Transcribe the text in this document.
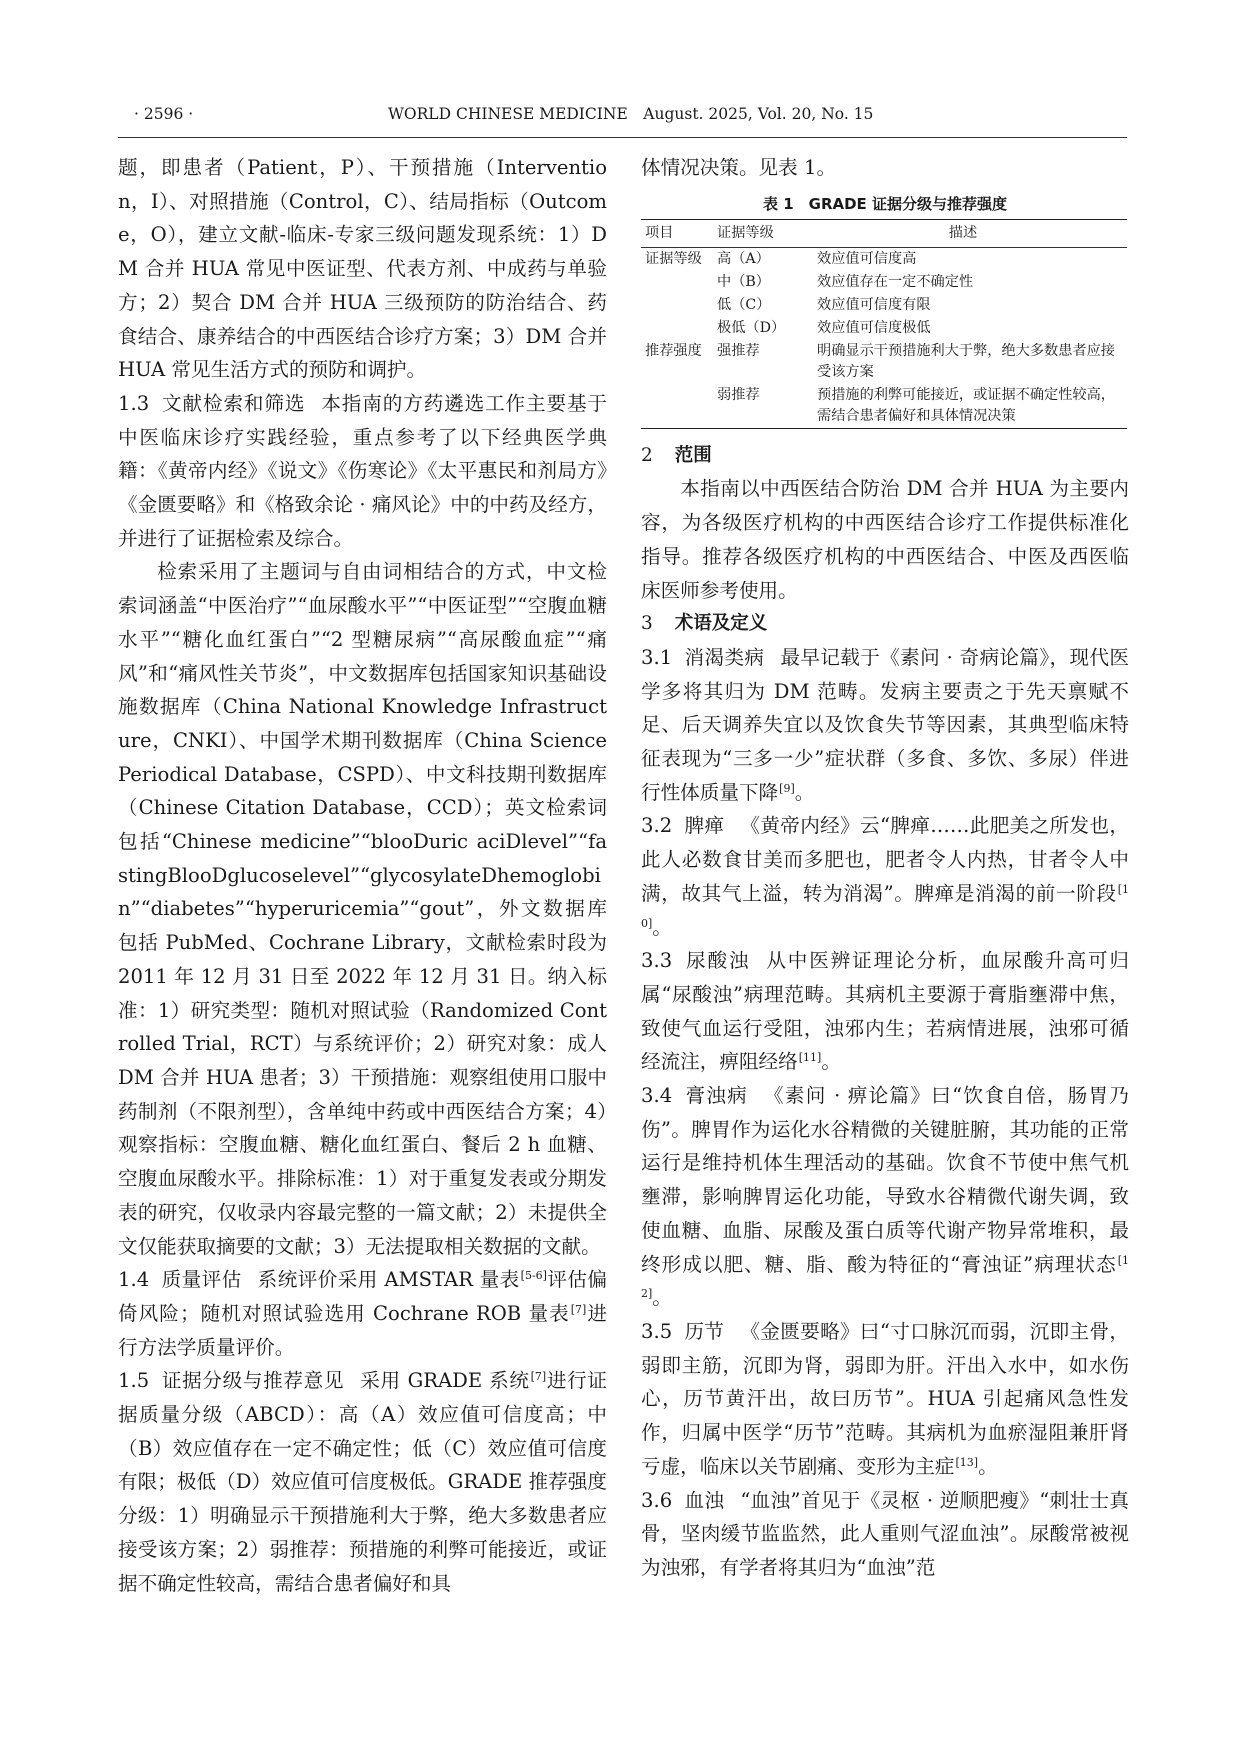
· 2596 ·	WORLD CHINESE MEDICINE　August. 2025, Vol. 20, No. 15

题，即患者（Patient，P）、干预措施（Intervention，I）、对照措施（Control，C）、结局指标（Outcome，O），建立文献-临床-专家三级问题发现系统：1）DM 合并 HUA 常见中医证型、代表方剂、中成药与单验方；2）契合 DM 合并 HUA 三级预防的防治结合、药食结合、康养结合的中西医结合诊疗方案；3）DM 合并 HUA 常见生活方式的预防和调护。

1.3 文献检索和筛选 本指南的方药遴选工作主要基于中医临床诊疗实践经验，重点参考了以下经典医学典籍：《黄帝内经》《说文》《伤寒论》《太平惠民和剂局方》《金匮要略》和《格致余论 · 痛风论》中的中药及经方，并进行了证据检索及综合。

检索采用了主题词与自由词相结合的方式，中文检索词涵盖“中医治疗”“血尿酸水平”“中医证型”“空腹血糖水平”“糖化血红蛋白”“2 型糖尿病”“高尿酸血症”“痛风”和“痛风性关节炎”，中文数据库包括国家知识基础设施数据库（China National Knowledge Infrastructure，CNKI）、中国学术期刊数据库（China Science Periodical Database，CSPD）、中文科技期刊数据库（Chinese Citation Database，CCD）；英文检索词包括“Chinese medicine”“blooDuric aciDlevel”“fastingBlooDglucoselevel”“glycosylateDhemoglobin”“diabetes”“hyperuricemia”“gout”，外文数据库包括 PubMed、Cochrane Library，文献检索时段为 2011 年 12 月 31 日至 2022 年 12 月 31 日。纳入标准：1）研究类型：随机对照试验（Randomized Controlled Trial，RCT）与系统评价；2）研究对象：成人 DM 合并 HUA 患者；3）干预措施：观察组使用口服中药制剂（不限剂型），含单纯中药或中西医结合方案；4）观察指标：空腹血糖、糖化血红蛋白、餐后 2 h 血糖、空腹血尿酸水平。排除标准：1）对于重复发表或分期发表的研究，仅收录内容最完整的一篇文献；2）未提供全文仅能获取摘要的文献；3）无法提取相关数据的文献。

1.4 质量评估 系统评价采用 AMSTAR 量表[5-6]评估偏倚风险；随机对照试验选用 Cochrane ROB 量表[7]进行方法学质量评价。

1.5 证据分级与推荐意见 采用 GRADE 系统[7]进行证据质量分级（ABCD）：高（A）效应值可信度高；中（B）效应值存在一定不确定性；低（C）效应值可信度有限；极低（D）效应值可信度极低。GRADE 推荐强度分级：1）明确显示干预措施利大于弊，绝大多数患者应接受该方案；2）弱推荐：预措施的利弊可能接近，或证据不确定性较高，需结合患者偏好和具

体情况决策。见表 1。

表 1　GRADE 证据分级与推荐强度
项目	证据等级	描述
证据等级	高（A）	效应值可信度高
	中（B）	效应值存在一定不确定性
	低（C）	效应值可信度有限
	极低（D）	效应值可信度极低
推荐强度	强推荐	明确显示干预措施利大于弊，绝大多数患者应接受该方案
	弱推荐	预措施的利弊可能接近，或证据不确定性较高，需结合患者偏好和具体情况决策
2 范围

本指南以中西医结合防治 DM 合并 HUA 为主要内容，为各级医疗机构的中西医结合诊疗工作提供标准化指导。推荐各级医疗机构的中西医结合、中医及西医临床医师参考使用。

3 术语及定义

3.1 消渴类病 最早记载于《素问 · 奇病论篇》，现代医学多将其归为 DM 范畴。发病主要责之于先天禀赋不足、后天调养失宜以及饮食失节等因素，其典型临床特征表现为“三多一少”症状群（多食、多饮、多尿）伴进行性体质量下降[9]。

3.2 脾瘅 《黄帝内经》云“脾瘅……此肥美之所发也，此人必数食甘美而多肥也，肥者令人内热，甘者令人中满，故其气上溢，转为消渴”。脾瘅是消渴的前一阶段[10]。

3.3 尿酸浊 从中医辨证理论分析，血尿酸升高可归属“尿酸浊”病理范畴。其病机主要源于膏脂壅滞中焦，致使气血运行受阻，浊邪内生；若病情进展，浊邪可循经流注，痹阻经络[11]。

3.4 膏浊病 《素问 · 痹论篇》曰“饮食自倍，肠胃乃伤”。脾胃作为运化水谷精微的关键脏腑，其功能的正常运行是维持机体生理活动的基础。饮食不节使中焦气机壅滞，影响脾胃运化功能，导致水谷精微代谢失调，致使血糖、血脂、尿酸及蛋白质等代谢产物异常堆积，最终形成以肥、糖、脂、酸为特征的“膏浊证”病理状态[12]。

3.5 历节 《金匮要略》曰“寸口脉沉而弱，沉即主骨，弱即主筋，沉即为肾，弱即为肝。汗出入水中，如水伤心，历节黄汗出，故曰历节”。HUA 引起痛风急性发作，归属中医学“历节”范畴。其病机为血瘀湿阻兼肝肾亏虚，临床以关节剧痛、变形为主症[13]。

3.6 血浊 “血浊”首见于《灵枢 · 逆顺肥瘦》“刺壮士真骨，坚肉缓节监监然，此人重则气涩血浊”。尿酸常被视为浊邪，有学者将其归为“血浊”范
